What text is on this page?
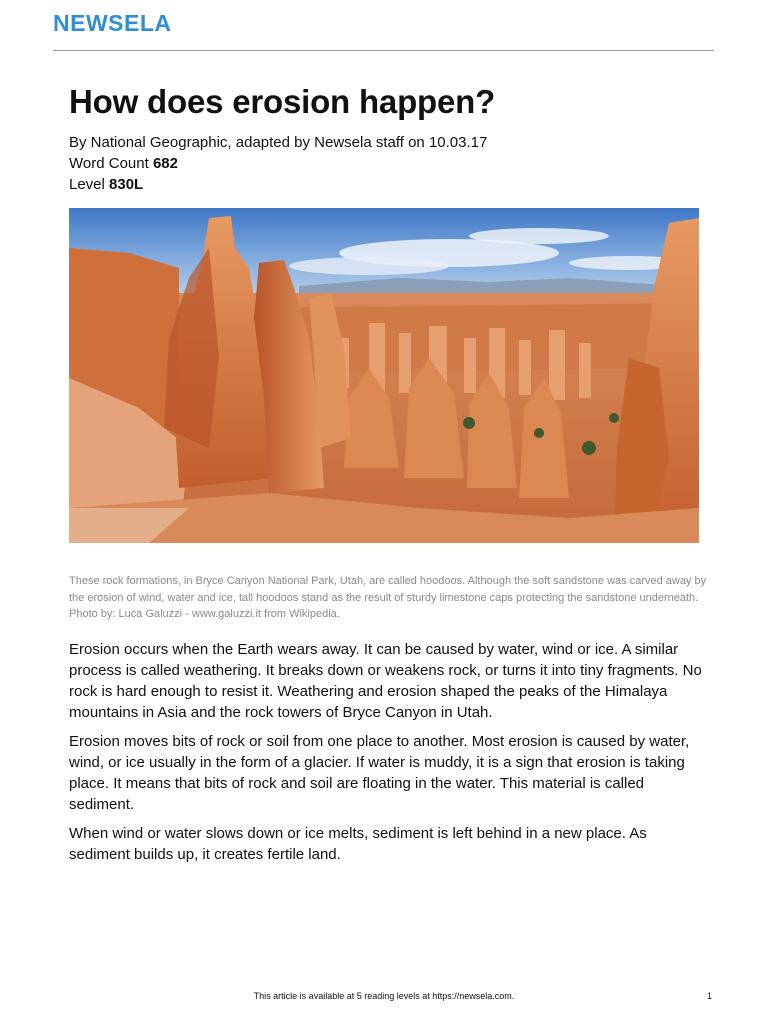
NEWSELA
How does erosion happen?
By National Geographic, adapted by Newsela staff on 10.03.17
Word Count 682
Level 830L
These rock formations, in Bryce Canyon National Park, Utah, are called hoodoos. Although the soft sandstone was carved away by the erosion of wind, water and ice, tall hoodoos stand as the result of sturdy limestone caps protecting the sandstone underneath. Photo by: Luca Galuzzi - www.galuzzi.it from Wikipedia.

Erosion occurs when the Earth wears away. It can be caused by water, wind or ice. A similar process is called weathering. It breaks down or weakens rock, or turns it into tiny fragments. No rock is hard enough to resist it. Weathering and erosion shaped the peaks of the Himalaya mountains in Asia and the rock towers of Bryce Canyon in Utah.

Erosion moves bits of rock or soil from one place to another. Most erosion is caused by water, wind, or ice usually in the form of a glacier. If water is muddy, it is a sign that erosion is taking place. It means that bits of rock and soil are floating in the water. This material is called sediment.

When wind or water slows down or ice melts, sediment is left behind in a new place. As sediment builds up, it creates fertile land.

This article is available at 5 reading levels at https://newsela.com.	1
